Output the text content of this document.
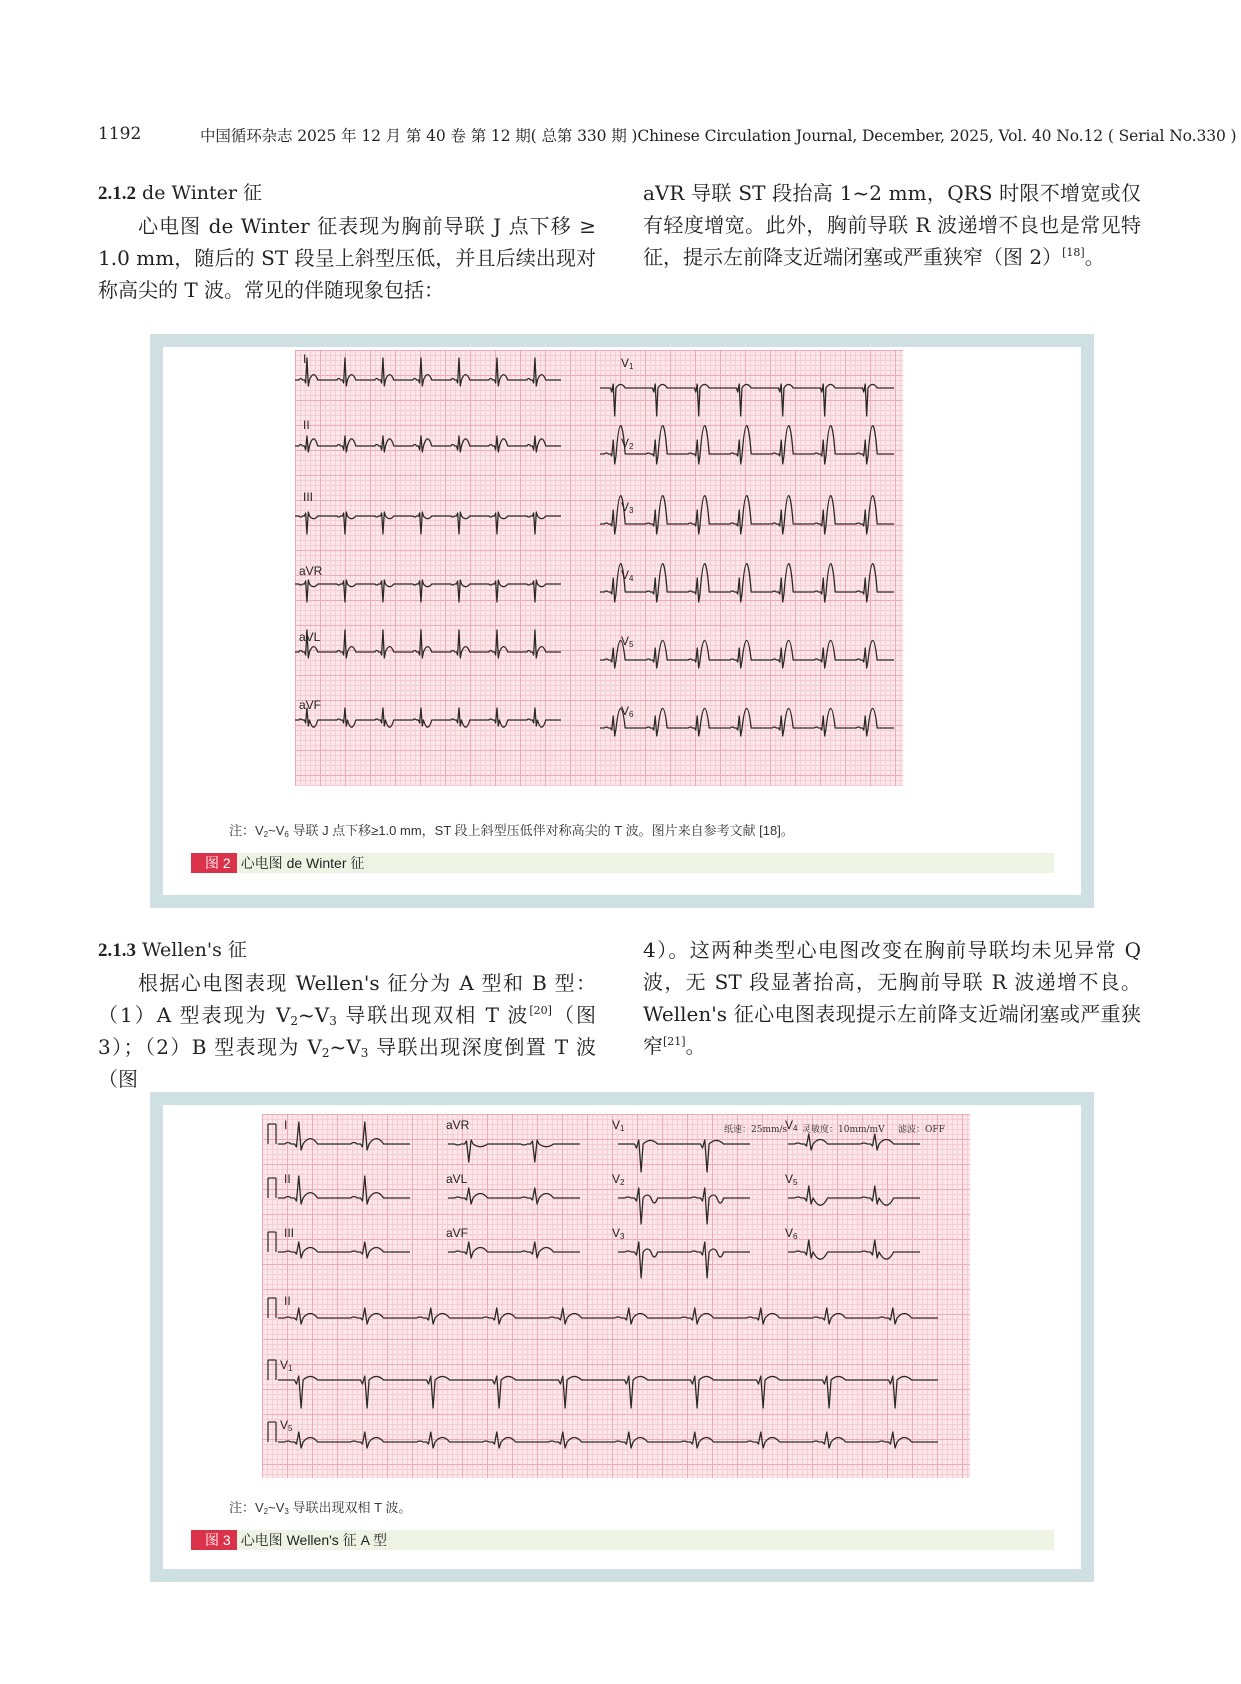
1192	中国循环杂志 2025 年 12 月 第 40 卷 第 12 期( 总第 330 期 )Chinese Circulation Journal, December, 2025, Vol. 40 No.12 ( Serial No.330 )

2.1.2 de Winter 征

心电图 de Winter 征表现为胸前导联 J 点下移 ≥ 1.0 mm，随后的 ST 段呈上斜型压低，并且后续出现对称高尖的 T 波。常见的伴随现象包括：

aVR 导联 ST 段抬高 1~2 mm，QRS 时限不增宽或仅有轻度增宽。此外，胸前导联 R 波递增不良也是常见特征，提示左前降支近端闭塞或严重狭窄（图 2）[18]。

I
II
III
aVR
aVL
aVF
$V_1$
$V_2$
$V_3$
$V_4$
$V_5$
$V_6$
注：$V_2\sim V_6$ 导联 J 点下移≥1.0 mm，ST 段上斜型压低伴对称高尖的 T 波。图片来自参考文献 [18]。
图 2 心电图 de Winter 征

2.1.3 Wellen's 征

根据心电图表现 Wellen's 征分为 A 型和 B 型：（1）A 型表现为 $V_2\sim V_3$ 导联出现双相 T 波[20]（图 3）；（2）B 型表现为 $V_2\sim V_3$ 导联出现深度倒置 T 波（图

4）。这两种类型心电图改变在胸前导联均未见异常 Q 波，无 ST 段显著抬高，无胸前导联 R 波递增不良。Wellen's 征心电图表现提示左前降支近端闭塞或严重狭窄[21]。

I	aVR	$V_1$	$V_4$
纸速：25mm/s 灵敏度：10mm/mV 滤波：OFF
II	aVL	$V_2$	$V_5$
III	aVF	$V_3$	$V_6$
II
$V_1$
$V_5$
注：$V_2\sim V_3$ 导联出现双相 T 波。
图 3 心电图 Wellen's 征 A 型
